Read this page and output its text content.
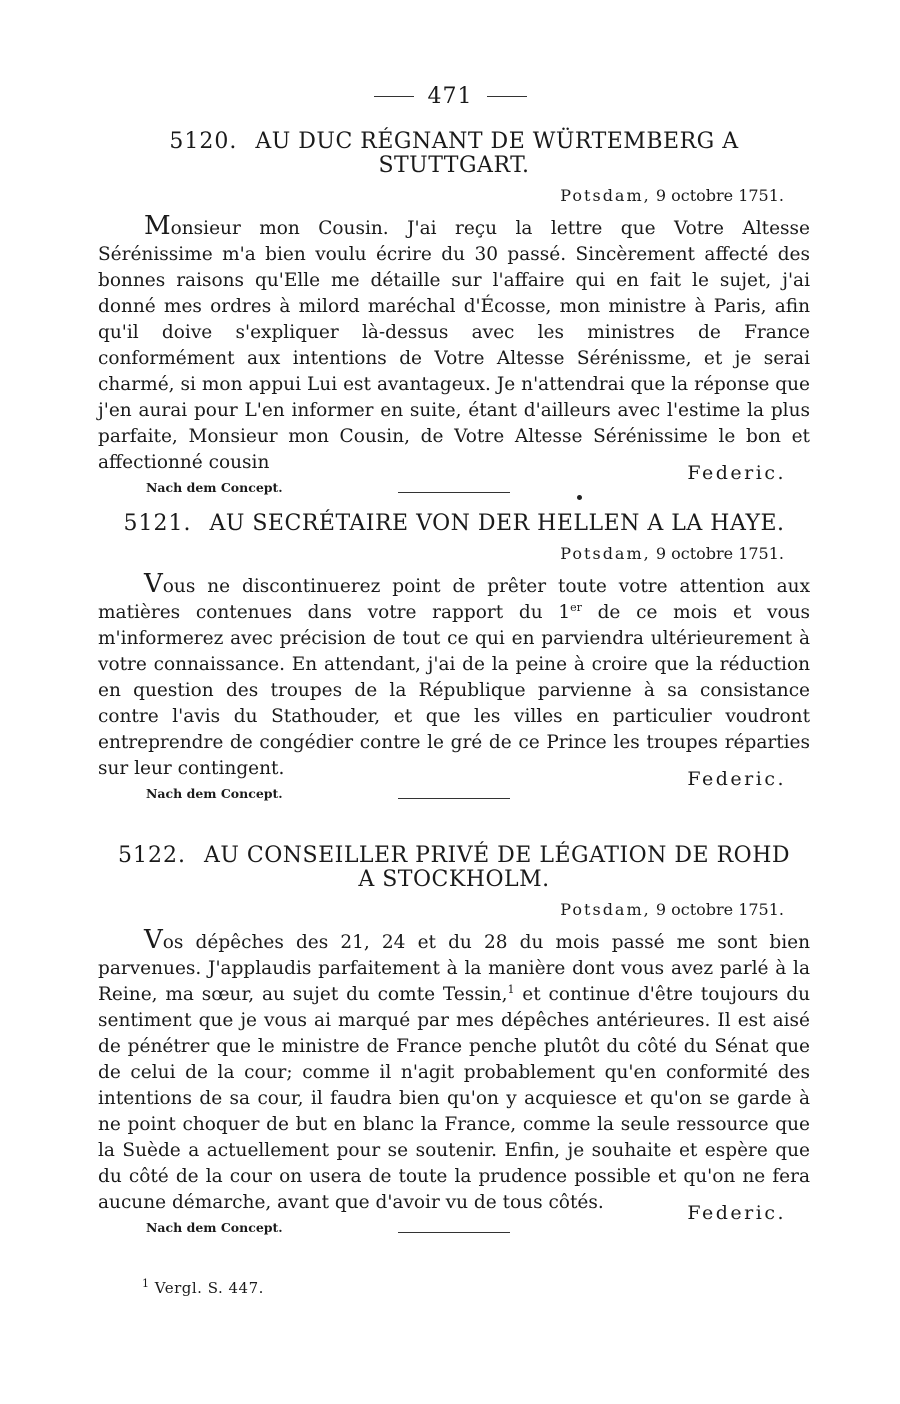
471
5120. AU DUC RÉGNANT DE WÜRTEMBERG A STUTTGART.
Potsdam, 9 octobre 1751.

Monsieur mon Cousin. J'ai reçu la lettre que Votre Altesse Sérénissime m'a bien voulu écrire du 30 passé. Sincèrement affecté des bonnes raisons qu'Elle me détaille sur l'affaire qui en fait le sujet, j'ai donné mes ordres à milord maréchal d'Écosse, mon ministre à Paris, afin qu'il doive s'expliquer là-dessus avec les ministres de France conformément aux intentions de Votre Altesse Sérénissme, et je serai charmé, si mon appui Lui est avantageux. Je n'attendrai que la réponse que j'en aurai pour L'en informer en suite, étant d'ailleurs avec l'estime la plus parfaite, Monsieur mon Cousin, de Votre Altesse Sérénissime le bon et affectionné cousin	Federic.
Nach dem Concept.
5121. AU SECRÉTAIRE VON DER HELLEN A LA HAYE.
Potsdam, 9 octobre 1751.

Vous ne discontinuerez point de prêter toute votre attention aux matières contenues dans votre rapport du 1er de ce mois et vous m'informerez avec précision de tout ce qui en parviendra ultérieurement à votre connaissance. En attendant, j'ai de la peine à croire que la réduction en question des troupes de la République parvienne à sa consistance contre l'avis du Stathouder, et que les villes en particulier voudront entreprendre de congédier contre le gré de ce Prince les troupes réparties sur leur contingent.	Federic.
Nach dem Concept.
5122. AU CONSEILLER PRIVÉ DE LÉGATION DE ROHD
A STOCKHOLM.
Potsdam, 9 octobre 1751.

Vos dépêches des 21, 24 et du 28 du mois passé me sont bien parvenues. J'applaudis parfaitement à la manière dont vous avez parlé à la Reine, ma sœur, au sujet du comte Tessin,$^1$ et continue d'être toujours du sentiment que je vous ai marqué par mes dépêches antérieures. Il est aisé de pénétrer que le ministre de France penche plutôt du côté du Sénat que de celui de la cour; comme il n'agit probablement qu'en conformité des intentions de sa cour, il faudra bien qu'on y acquiesce et qu'on se garde à ne point choquer de but en blanc la France, comme la seule ressource que la Suède a actuellement pour se soutenir. Enfin, je souhaite et espère que du côté de la cour on usera de toute la prudence possible et qu'on ne fera aucune démarche, avant que d'avoir vu de tous côtés.	Federic.
Nach dem Concept.
$^1$ Vergl. S. 447.
